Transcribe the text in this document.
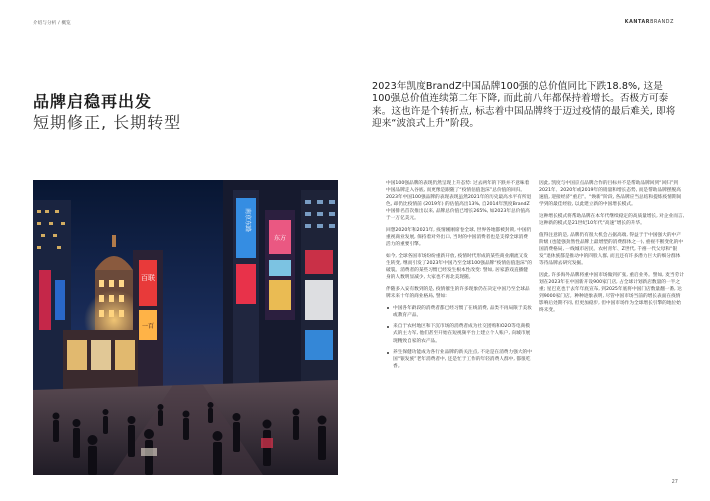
介绍与分析 / 概览	KANTARBRANDZ
品牌启稳再出发
短期修正, 长期转型
2023年凯度BrandZ中国品牌100强的总价值同比下跌18.8%, 这是100强总价值连续第二年下降, 而此前八年都保持着增长。否极方可泰来。这也许是个转折点, 标志着中国品牌终于迈过疫情的最后难关, 即将迎来“波浪式上升”阶段。
百联
一百
南京东路
东方

中国100强品牌的表现仍然呈现上升态势: 过去两年的下跌并不意味着中国品牌走入谷底, 而更像是跟随了“疫情估值泡沫”总价值的回归。2023年中国100强品牌的表现表现虽然2021年的历史最高水平有所退色, 却仍比疫情前 (2019年) 的估值高出13%, 自2014年凯度BrandZ中国排名首次推出以来, 品牌总价值已增长265%, 如2023年总价值高于一万亿美元。

回想2020年和2021年, 疫情刚刚席卷全球, 世界各地都被封锁, 中国仍重视商业发展, 保持着对外出口, 当时的中国消费者也是支撑全球消费活力的重要引擎。

如今, 全球各国市场纷纷重新开放, 疫情时代形成的某些商业潮流又发生转变, 继而引发了2023年中国乃至全球100强品牌“疫情估值泡沫”的破裂。消费者的某些习惯已经发生根本性改变: 譬如, 居家游戏直播健身的人数明显减少, 大家也不再北美现随。

伴随多入安有数到的是, 疫情催生的许多现象仍在决定中国乃至全球品牌未来十年的商业格局, 譬如:

中国各年龄段的消费者都已经习惯了在线消费, 品类不再局限于美妆或教育产品。
来自于农村地区和下沉市场的消费者成为社交团购和O2O等电商模式的主力军, 他们甚至开始在短视频平台上建立个人账户, 向城市展现精致自家的农产品。
养生保健功能成为各行业品牌的新关注点, 不论是在消费力强大的中国“银发族”老年消费者中, 还是忙于工作的年轻消费人群中, 都很吃香。

因此, 凯度与中国京点品牌合作的目标并不是帮助品牌回到“回归”到2021年、2020年或2019年的销量和增长态势, 而是帮助品牌摆脱高速值, 迎接经济“重启”。“焕新”阶段, 各品牌应当总结和提炼疫情期间学到的最佳经验, 以此建立新的中国增长模式。

这种增长模式将帮助品牌在本年代继续稳定的高质量增长, 对企业而言, 这种新的模式是21世纪10年代“高速”增长的升华。

值得注意的是, 品牌仍有很大机会占据高端, 得益于于中国强大的中产阶级 (也能强劲然性品牌上最增塑的消费群体之一), 重视不断变化的中国消费格局, 一线城市居民、农村青年、Z世代, 千禧一代父母和“银发”退休族都是推动中的四股人群, 而且还有许多潜力巨大的细分群体等待品牌去研究发掘。

因此, 许多海外品牌将重中国市场做到扩张, 重启业务。譬如, 麦当劳计划在2023年在中国新开设900家门店, 占全球计划新店数量的一半之重; 星巴克也于去年年底宣布, 到2025年底将中国门店数量翻一番, 达到9000家门店。种种迹象表明, 尽管中国市场当前的增长表面在疫情影响后处期不同, 但更加稳步, 但中国市场作为全球增长引擎的地位始终未变。

27
